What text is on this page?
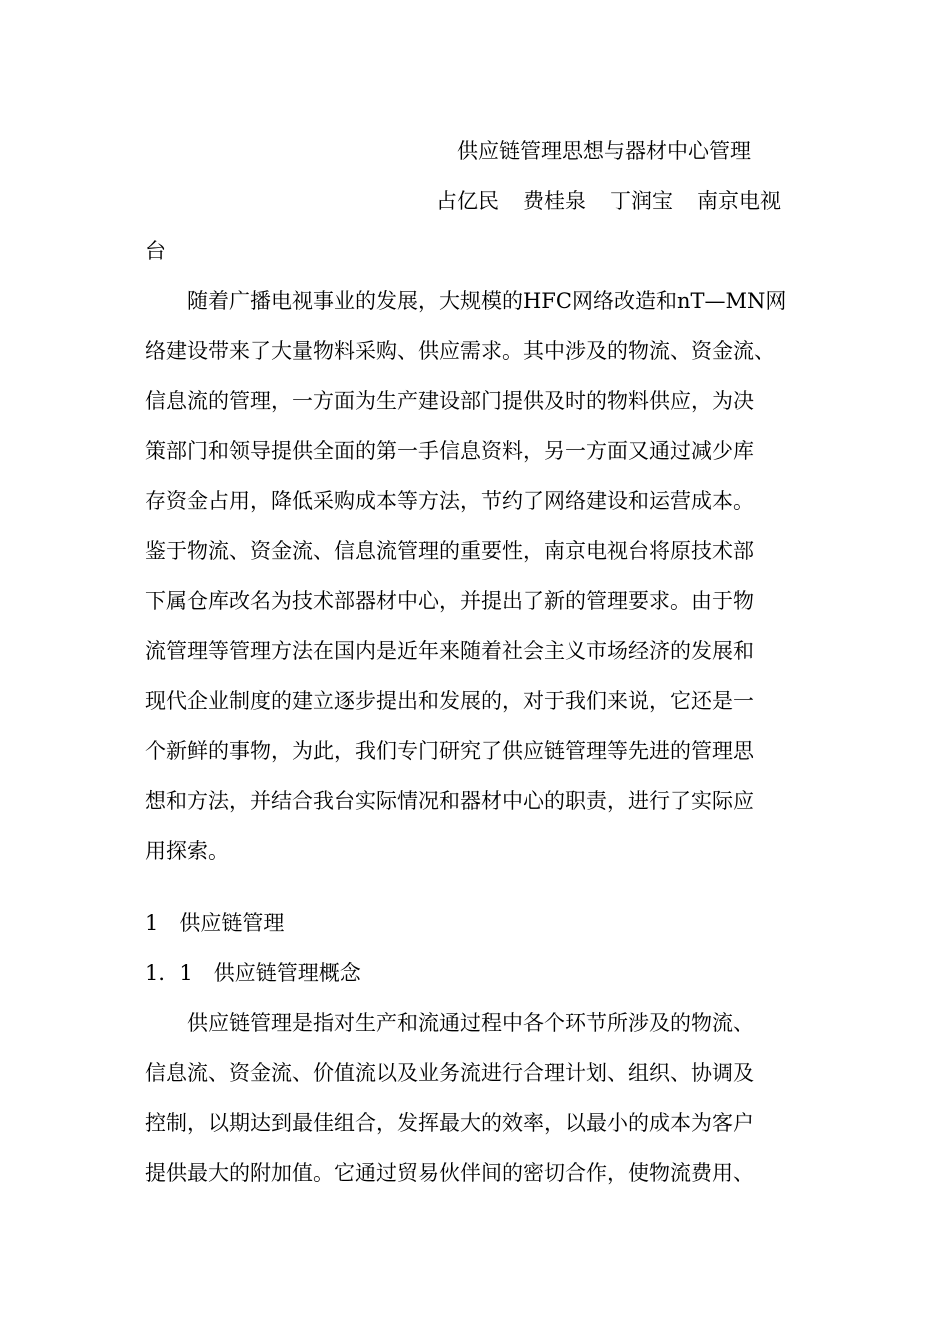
供应链管理思想与器材中心管理
占亿民 费桂泉 丁润宝 南京电视
台
随着广播电视事业的发展，大规模的HFC网络改造和nT—MN网
络建设带来了大量物料采购、供应需求。其中涉及的物流、资金流、
信息流的管理，一方面为生产建设部门提供及时的物料供应，为决
策部门和领导提供全面的第一手信息资料，另一方面又通过减少库
存资金占用，降低采购成本等方法，节约了网络建设和运营成本。
鉴于物流、资金流、信息流管理的重要性，南京电视台将原技术部
下属仓库改名为技术部器材中心，并提出了新的管理要求。由于物
流管理等管理方法在国内是近年来随着社会主义市场经济的发展和
现代企业制度的建立逐步提出和发展的，对于我们来说，它还是一
个新鲜的事物，为此，我们专门研究了供应链管理等先进的管理思
想和方法，并结合我台实际情况和器材中心的职责，进行了实际应
用探索。
1　供应链管理
1．1　供应链管理概念
供应链管理是指对生产和流通过程中各个环节所涉及的物流、
信息流、资金流、价值流以及业务流进行合理计划、组织、协调及
控制，以期达到最佳组合，发挥最大的效率，以最小的成本为客户
提供最大的附加值。它通过贸易伙伴间的密切合作，使物流费用、
